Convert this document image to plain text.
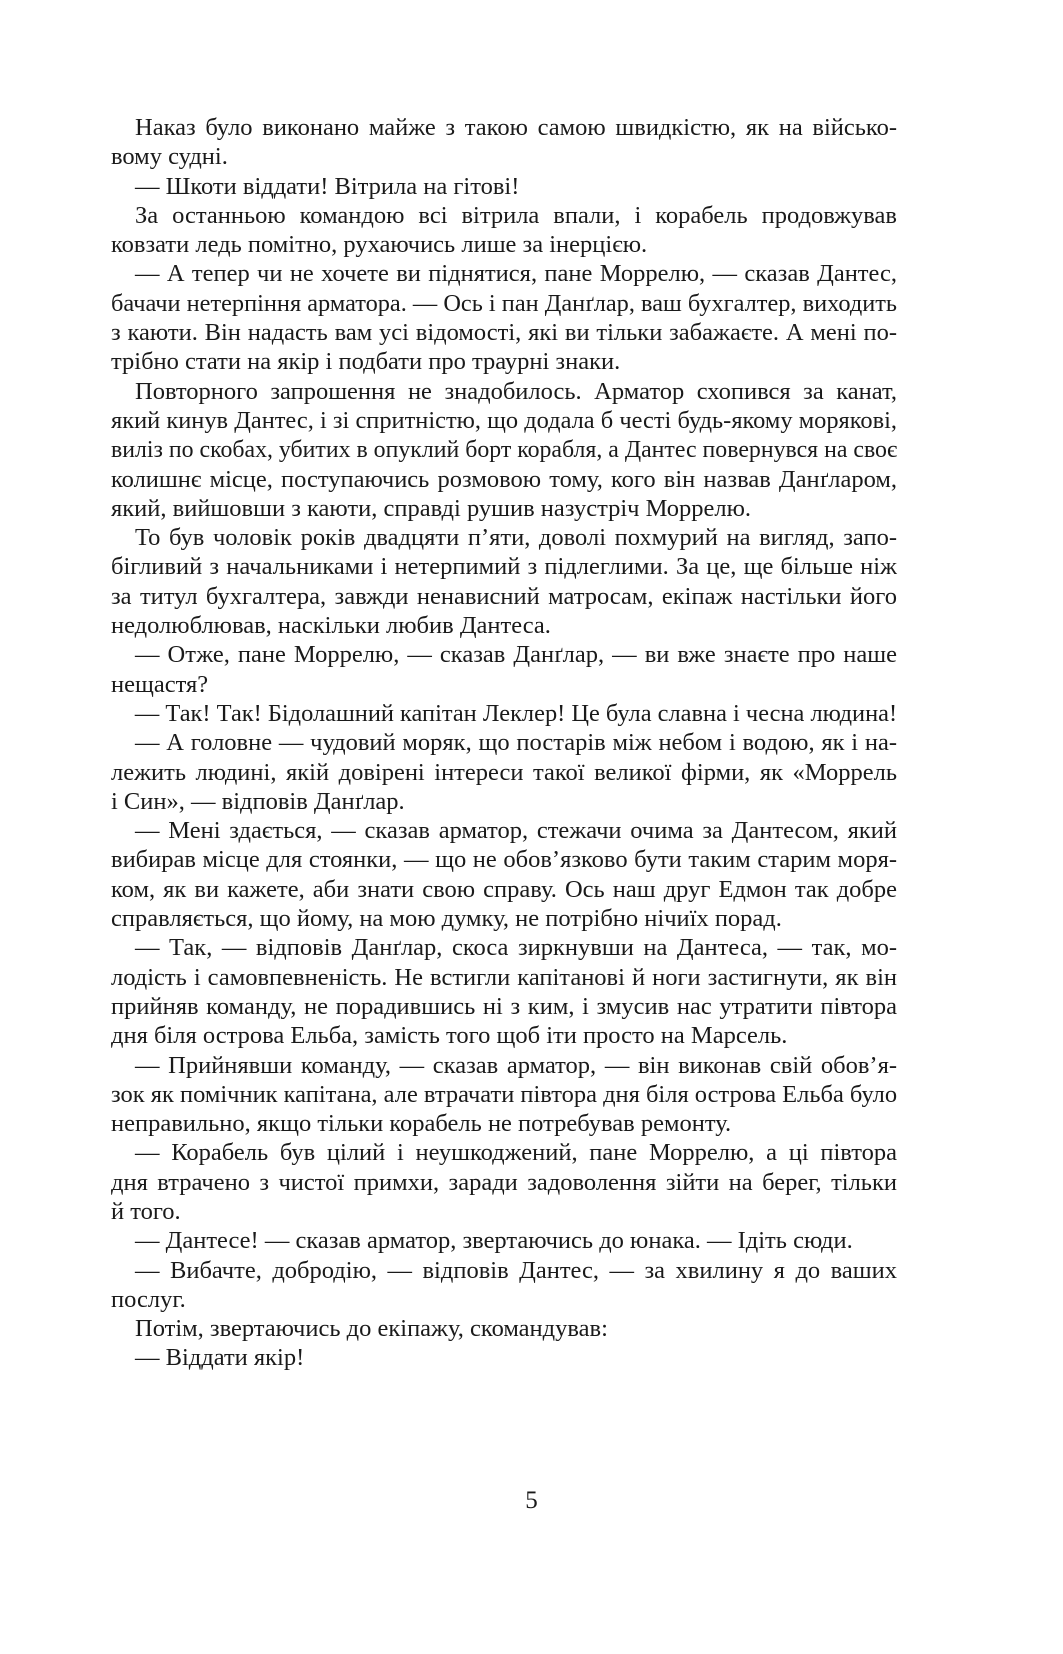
Наказ було виконано майже з такою самою швидкістю, як на військо-
вому судні.
— Шкоти віддати! Вітрила на гітові!
За останньою командою всі вітрила впали, і корабель продовжував
ковзати ледь помітно, рухаючись лише за інерцією.
— А тепер чи не хочете ви піднятися, пане Моррелю, — сказав Дантес,
бачачи нетерпіння арматора. — Ось і пан Данґлар, ваш бухгалтер, виходить
з каюти. Він надасть вам усі відомості, які ви тільки забажаєте. А мені по-
трібно стати на якір і подбати про траурні знаки.
Повторного запрошення не знадобилось. Арматор схопився за канат,
який кинув Дантес, і зі спритністю, що додала б честі будь-якому морякові,
виліз по скобах, убитих в опуклий борт корабля, а Дантес повернувся на своє
колишнє місце, поступаючись розмовою тому, кого він назвав Данґларом,
який, вийшовши з каюти, справді рушив назустріч Моррелю.
То був чоловік років двадцяти п’яти, доволі похмурий на вигляд, запо-
бігливий з начальниками і нетерпимий з підлеглими. За це, ще більше ніж
за титул бухгалтера, завжди ненависний матросам, екіпаж настільки його
недолюблював, наскільки любив Дантеса.
— Отже, пане Моррелю, — сказав Данґлар, — ви вже знаєте про наше
нещастя?
— Так! Так! Бідолашний капітан Леклер! Це була славна і чесна людина!
— А головне — чудовий моряк, що постарів між небом і водою, як і на-
лежить людині, якій довірені інтереси такої великої фірми, як «Моррель
і Син», — відповів Данґлар.
— Мені здається, — сказав арматор, стежачи очима за Дантесом, який
вибирав місце для стоянки, — що не обов’язково бути таким старим моря-
ком, як ви кажете, аби знати свою справу. Ось наш друг Едмон так добре
справляється, що йому, на мою думку, не потрібно нічиїх порад.
— Так, — відповів Данґлар, скоса зиркнувши на Дантеса, — так, мо-
лодість і самовпевненість. Не встигли капітанові й ноги застигнути, як він
прийняв команду, не порадившись ні з ким, і змусив нас утратити півтора
дня біля острова Ельба, замість того щоб іти просто на Марсель.
— Прийнявши команду, — сказав арматор, — він виконав свій обов’я-
зок як помічник капітана, але втрачати півтора дня біля острова Ельба було
неправильно, якщо тільки корабель не потребував ремонту.
— Корабель був цілий і неушкоджений, пане Моррелю, а ці півтора
дня втрачено з чистої примхи, заради задоволення зійти на берег, тільки
й того.
— Дантесе! — сказав арматор, звертаючись до юнака. — Ідіть сюди.
— Вибачте, добродію, — відповів Дантес, — за хвилину я до ваших
послуг.
Потім, звертаючись до екіпажу, скомандував:
— Віддати якір!
5
